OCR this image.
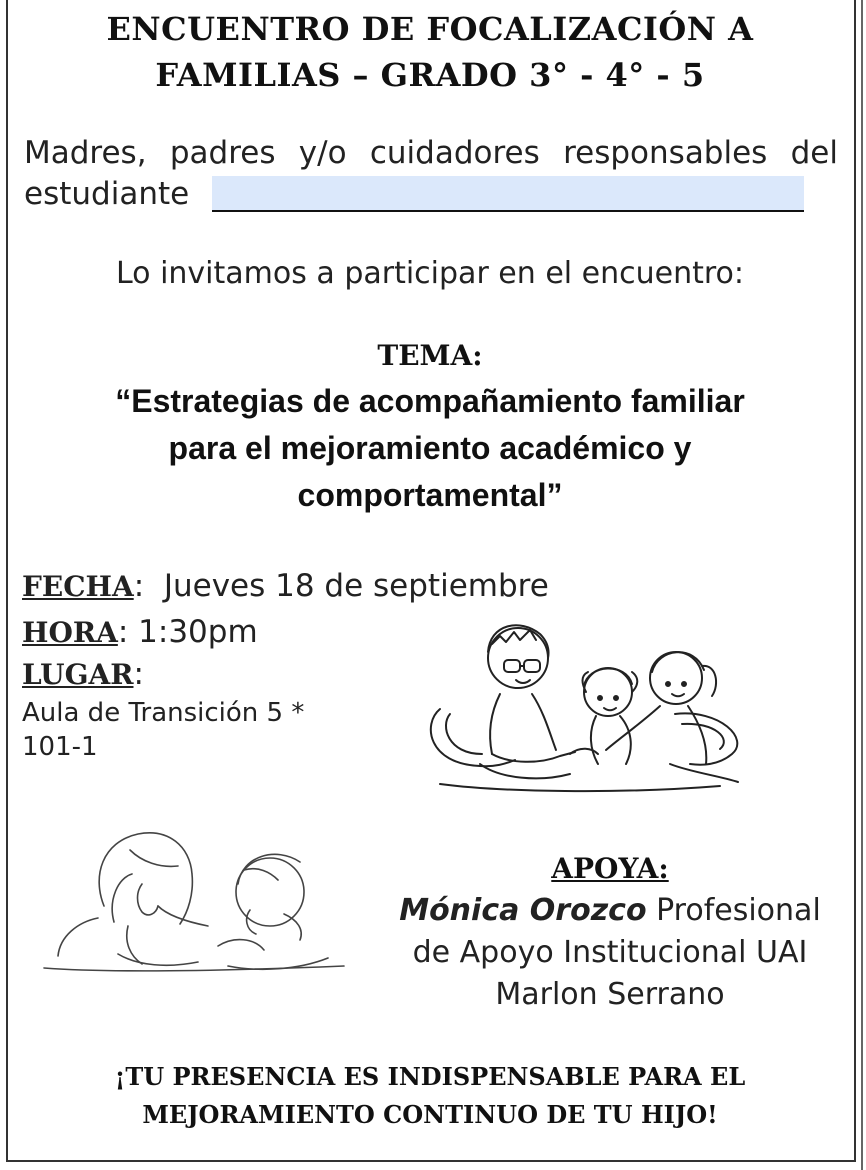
ENCUENTRO DE FOCALIZACIÓN A
FAMILIAS – GRADO 3° - 4° - 5
Madres, padres y/o cuidadores responsables del
estudiante
Lo invitamos a participar en el encuentro:
TEMA:
“Estrategias de acompañamiento familiar
para el mejoramiento académico y
comportamental”
FECHA:  Jueves 18 de septiembre
HORA: 1:30pm
LUGAR:
Aula de Transición 5 *
101-1
APOYA:
Mónica Orozco Profesional
de Apoyo Institucional UAI
Marlon Serrano
¡TU PRESENCIA ES INDISPENSABLE PARA EL
MEJORAMIENTO CONTINUO DE TU HIJO!
